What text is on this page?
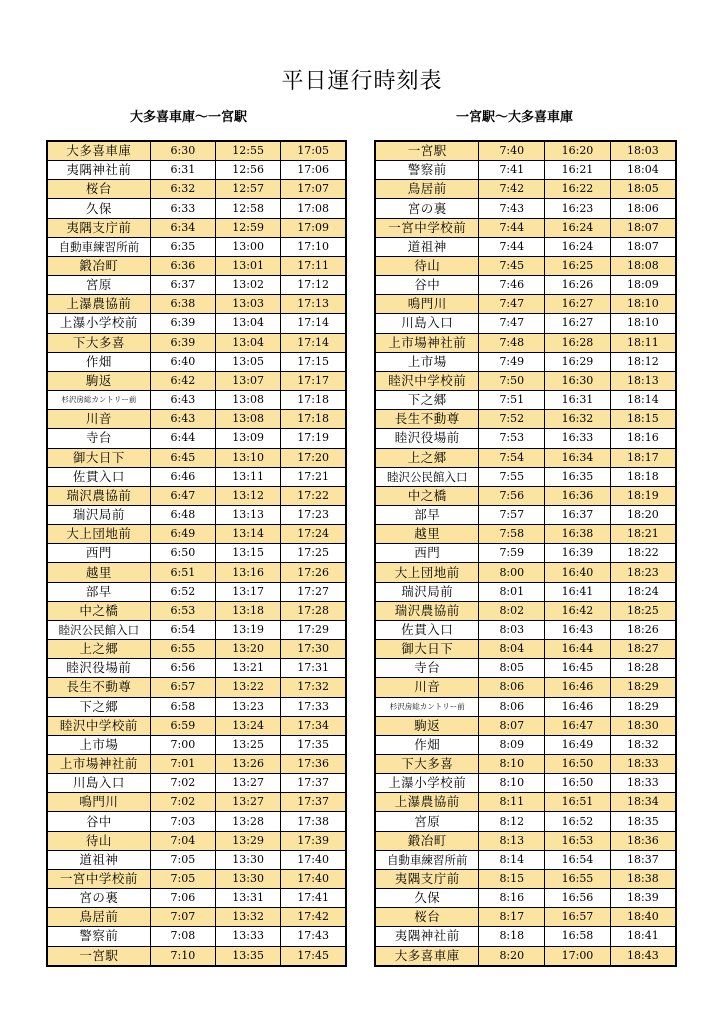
平日運行時刻表
大多喜車庫～一宮駅	一宮駅～大多喜車庫
大多喜車庫	6:30	12:55	17:05
夷隅神社前	6:31	12:56	17:06
桜台	6:32	12:57	17:07
久保	6:33	12:58	17:08
夷隅支庁前	6:34	12:59	17:09
自動車練習所前	6:35	13:00	17:10
鍛冶町	6:36	13:01	17:11
宮原	6:37	13:02	17:12
上瀑農協前	6:38	13:03	17:13
上瀑小学校前	6:39	13:04	17:14
下大多喜	6:39	13:04	17:14
作畑	6:40	13:05	17:15
駒返	6:42	13:07	17:17
杉沢房総カントリー前	6:43	13:08	17:18
川音	6:43	13:08	17:18
寺台	6:44	13:09	17:19
御大日下	6:45	13:10	17:20
佐貫入口	6:46	13:11	17:21
瑞沢農協前	6:47	13:12	17:22
瑞沢局前	6:48	13:13	17:23
大上団地前	6:49	13:14	17:24
西門	6:50	13:15	17:25
越里	6:51	13:16	17:26
部早	6:52	13:17	17:27
中之橋	6:53	13:18	17:28
睦沢公民館入口	6:54	13:19	17:29
上之郷	6:55	13:20	17:30
睦沢役場前	6:56	13:21	17:31
長生不動尊	6:57	13:22	17:32
下之郷	6:58	13:23	17:33
睦沢中学校前	6:59	13:24	17:34
上市場	7:00	13:25	17:35
上市場神社前	7:01	13:26	17:36
川島入口	7:02	13:27	17:37
鳴門川	7:02	13:27	17:37
谷中	7:03	13:28	17:38
待山	7:04	13:29	17:39
道祖神	7:05	13:30	17:40
一宮中学校前	7:05	13:30	17:40
宮の裏	7:06	13:31	17:41
鳥居前	7:07	13:32	17:42
警察前	7:08	13:33	17:43
一宮駅	7:10	13:35	17:45
一宮駅	7:40	16:20	18:03
警察前	7:41	16:21	18:04
鳥居前	7:42	16:22	18:05
宮の裏	7:43	16:23	18:06
一宮中学校前	7:44	16:24	18:07
道祖神	7:44	16:24	18:07
待山	7:45	16:25	18:08
谷中	7:46	16:26	18:09
鳴門川	7:47	16:27	18:10
川島入口	7:47	16:27	18:10
上市場神社前	7:48	16:28	18:11
上市場	7:49	16:29	18:12
睦沢中学校前	7:50	16:30	18:13
下之郷	7:51	16:31	18:14
長生不動尊	7:52	16:32	18:15
睦沢役場前	7:53	16:33	18:16
上之郷	7:54	16:34	18:17
睦沢公民館入口	7:55	16:35	18:18
中之橋	7:56	16:36	18:19
部早	7:57	16:37	18:20
越里	7:58	16:38	18:21
西門	7:59	16:39	18:22
大上団地前	8:00	16:40	18:23
瑞沢局前	8:01	16:41	18:24
瑞沢農協前	8:02	16:42	18:25
佐貫入口	8:03	16:43	18:26
御大日下	8:04	16:44	18:27
寺台	8:05	16:45	18:28
川音	8:06	16:46	18:29
杉沢房総カントリー前	8:06	16:46	18:29
駒返	8:07	16:47	18:30
作畑	8:09	16:49	18:32
下大多喜	8:10	16:50	18:33
上瀑小学校前	8:10	16:50	18:33
上瀑農協前	8:11	16:51	18:34
宮原	8:12	16:52	18:35
鍛冶町	8:13	16:53	18:36
自動車練習所前	8:14	16:54	18:37
夷隅支庁前	8:15	16:55	18:38
久保	8:16	16:56	18:39
桜台	8:17	16:57	18:40
夷隅神社前	8:18	16:58	18:41
大多喜車庫	8:20	17:00	18:43
